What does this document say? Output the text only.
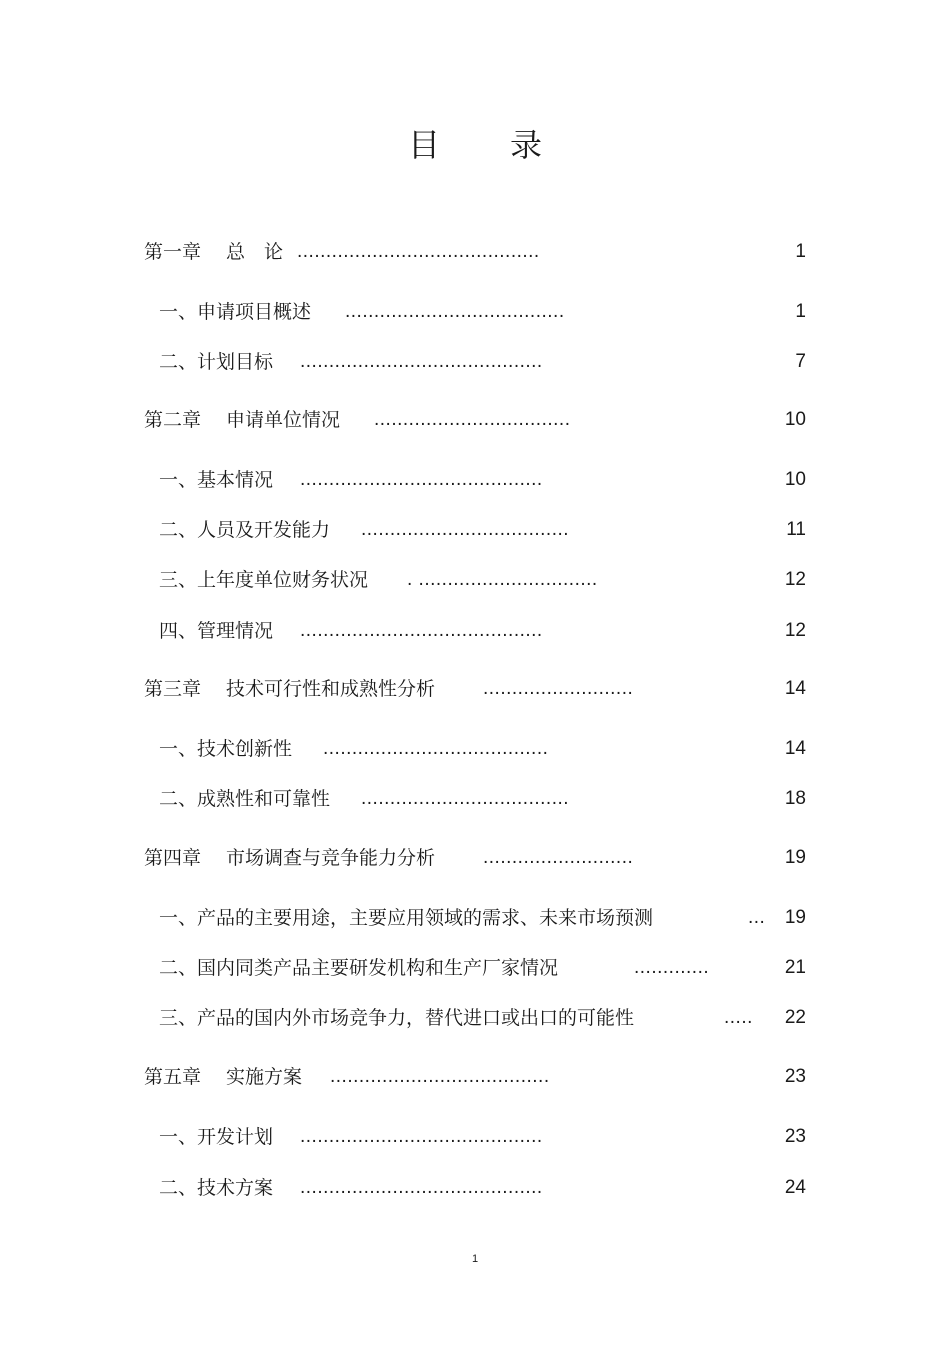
目 录
第一章 　总　论 ..........................................	1
一、申请项目概述 ......................................	1
二、计划目标 ..........................................	7
第二章 　申请单位情况 ..................................	10
一、基本情况 ..........................................	10
二、人员及开发能力 ....................................	11
三、上年度单位财务状况 . ...............................	12
四、管理情况 ..........................................	12
第三章 　技术可行性和成熟性分析	..........................	14
一、技术创新性 .......................................	14
二、成熟性和可靠性 ....................................	18
第四章 　市场调查与竞争能力分析	..........................	19
一、产品的主要用途，主要应用领域的需求、未来市场预测	... 19
二、国内同类产品主要研发机构和生产厂家情况	.............	21
三、产品的国内外市场竞争力，替代进口或出口的可能性	..... 22
第五章 　实施方案 ......................................	23
一、开发计划 ..........................................	23
二、技术方案 ..........................................	24
1
